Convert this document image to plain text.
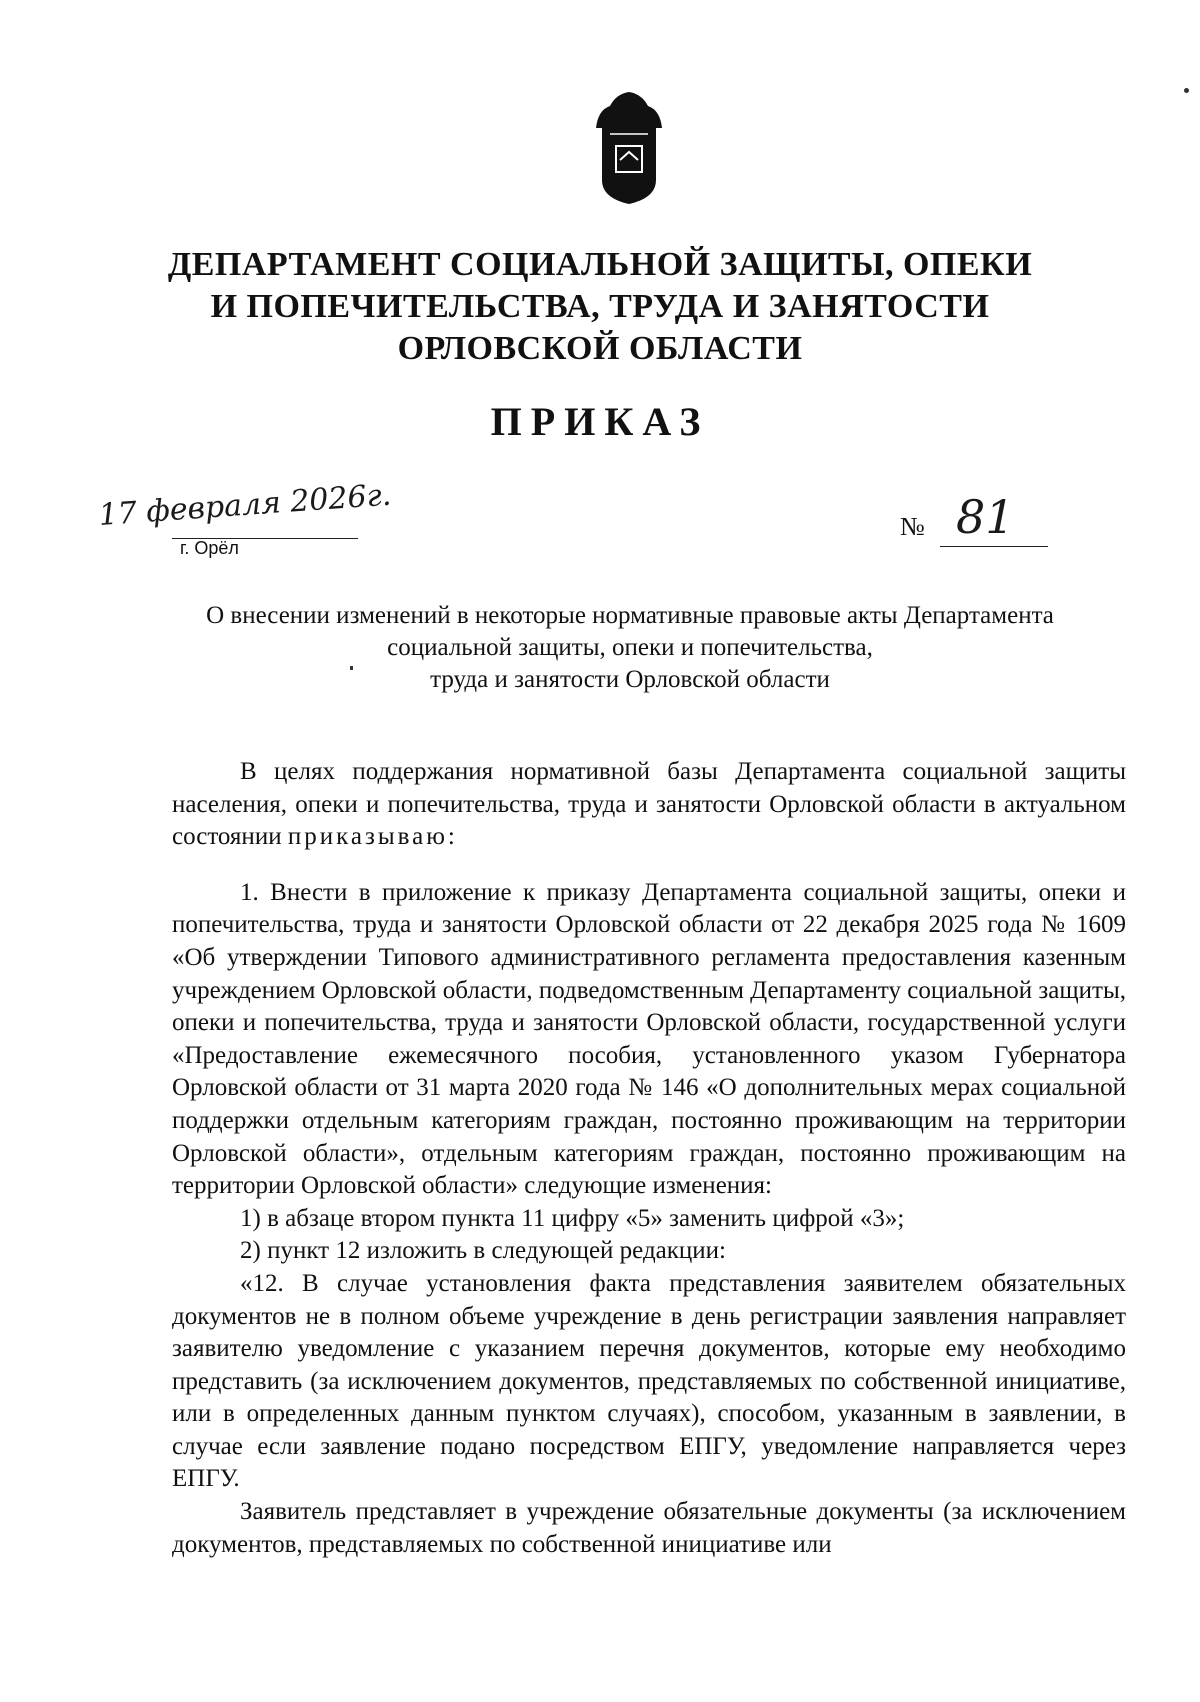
ДЕПАРТАМЕНТ СОЦИАЛЬНОЙ ЗАЩИТЫ, ОПЕКИ
И ПОПЕЧИТЕЛЬСТВА, ТРУДА И ЗАНЯТОСТИ
ОРЛОВСКОЙ ОБЛАСТИ
ПРИКАЗ
17 февраля 2026г.
г. Орёл
№ 81
О внесении изменений в некоторые нормативные правовые акты Департамента
социальной защиты, опеки и попечительства,
труда и занятости Орловской области

В целях поддержания нормативной базы Департамента социальной защиты населения, опеки и попечительства, труда и занятости Орловской области в актуальном состоянии приказываю:

1. Внести в приложение к приказу Департамента социальной защиты, опеки и попечительства, труда и занятости Орловской области от 22 декабря 2025 года № 1609 «Об утверждении Типового административного регламента предоставления казенным учреждением Орловской области, подведомственным Департаменту социальной защиты, опеки и попечительства, труда и занятости Орловской области, государственной услуги «Предоставление ежемесячного пособия, установленного указом Губернатора Орловской области от 31 марта 2020 года № 146 «О дополнительных мерах социальной поддержки отдельным категориям граждан, постоянно проживающим на территории Орловской области», отдельным категориям граждан, постоянно проживающим на территории Орловской области» следующие изменения:

1) в абзаце втором пункта 11 цифру «5» заменить цифрой «3»;

2) пункт 12 изложить в следующей редакции:

«12. В случае установления факта представления заявителем обязательных документов не в полном объеме учреждение в день регистрации заявления направляет заявителю уведомление с указанием перечня документов, которые ему необходимо представить (за исключением документов, представляемых по собственной инициативе, или в определенных данным пунктом случаях), способом, указанным в заявлении, в случае если заявление подано посредством ЕПГУ, уведомление направляется через ЕПГУ.

Заявитель представляет в учреждение обязательные документы (за исключением документов, представляемых по собственной инициативе или
